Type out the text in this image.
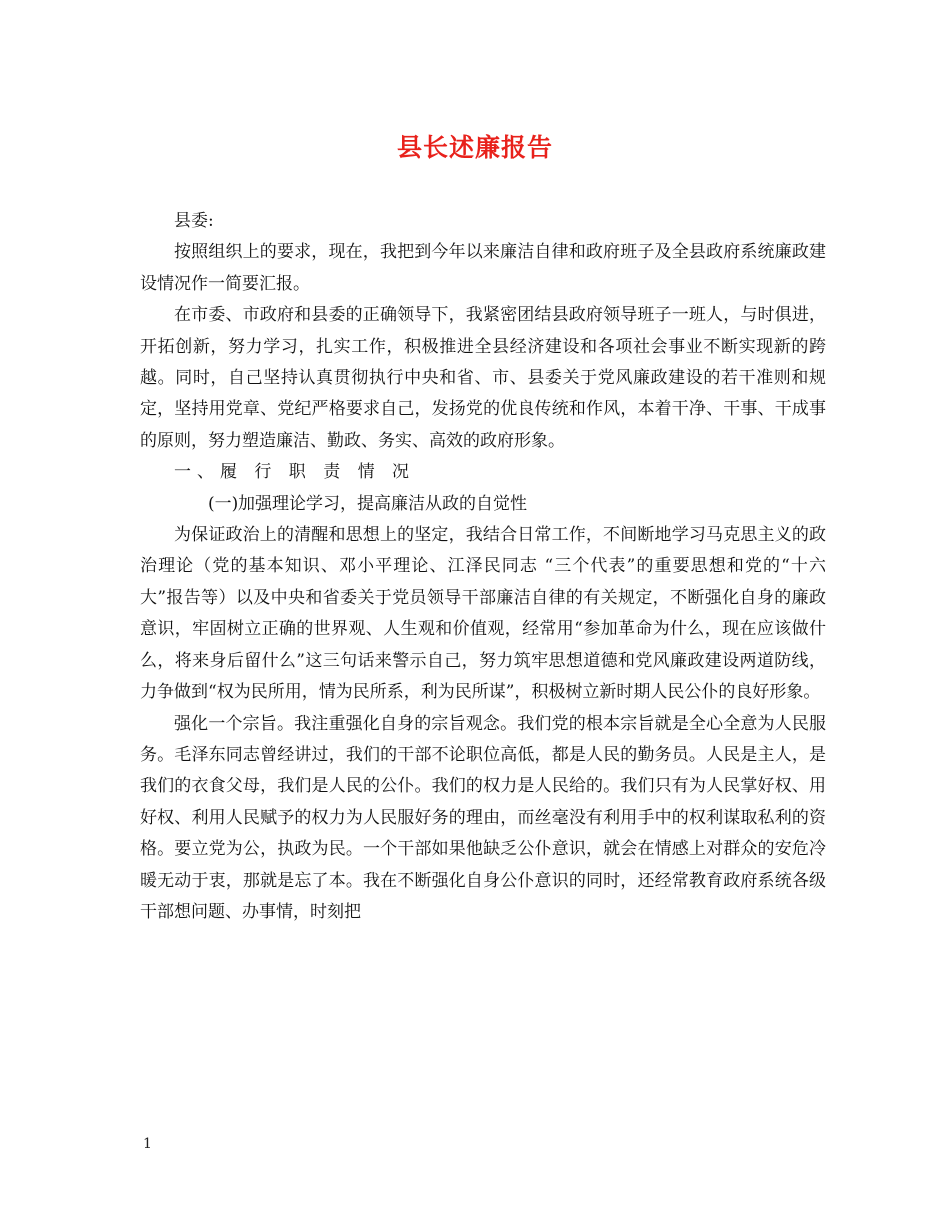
县长述廉报告

县委:

按照组织上的要求，现在，我把到今年以来廉洁自律和政府班子及全县政府系统廉政建设情况作一简要汇报。

在市委、市政府和县委的正确领导下，我紧密团结县政府领导班子一班人，与时俱进，开拓创新，努力学习，扎实工作，积极推进全县经济建设和各项社会事业不断实现新的跨越。同时，自己坚持认真贯彻执行中央和省、市、县委关于党风廉政建设的若干准则和规定，坚持用党章、党纪严格要求自己，发扬党的优良传统和作风，本着干净、干事、干成事的原则，努力塑造廉洁、勤政、务实、高效的政府形象。

一、履 行 职 责 情 况

(一)加强理论学习，提高廉洁从政的自觉性

为保证政治上的清醒和思想上的坚定，我结合日常工作，不间断地学习马克思主义的政治理论（党的基本知识、邓小平理论、江泽民同志 “三个代表”的重要思想和党的“十六大”报告等）以及中央和省委关于党员领导干部廉洁自律的有关规定，不断强化自身的廉政意识，牢固树立正确的世界观、人生观和价值观，经常用“参加革命为什么，现在应该做什么，将来身后留什么”这三句话来警示自己，努力筑牢思想道德和党风廉政建设两道防线，力争做到“权为民所用，情为民所系，利为民所谋”，积极树立新时期人民公仆的良好形象。

强化一个宗旨。我注重强化自身的宗旨观念。我们党的根本宗旨就是全心全意为人民服务。毛泽东同志曾经讲过，我们的干部不论职位高低，都是人民的勤务员。人民是主人，是我们的衣食父母，我们是人民的公仆。我们的权力是人民给的。我们只有为人民掌好权、用好权、利用人民赋予的权力为人民服好务的理由，而丝毫没有利用手中的权利谋取私利的资格。要立党为公，执政为民。一个干部如果他缺乏公仆意识，就会在情感上对群众的安危冷暖无动于衷，那就是忘了本。我在不断强化自身公仆意识的同时，还经常教育政府系统各级干部想问题、办事情，时刻把

1
